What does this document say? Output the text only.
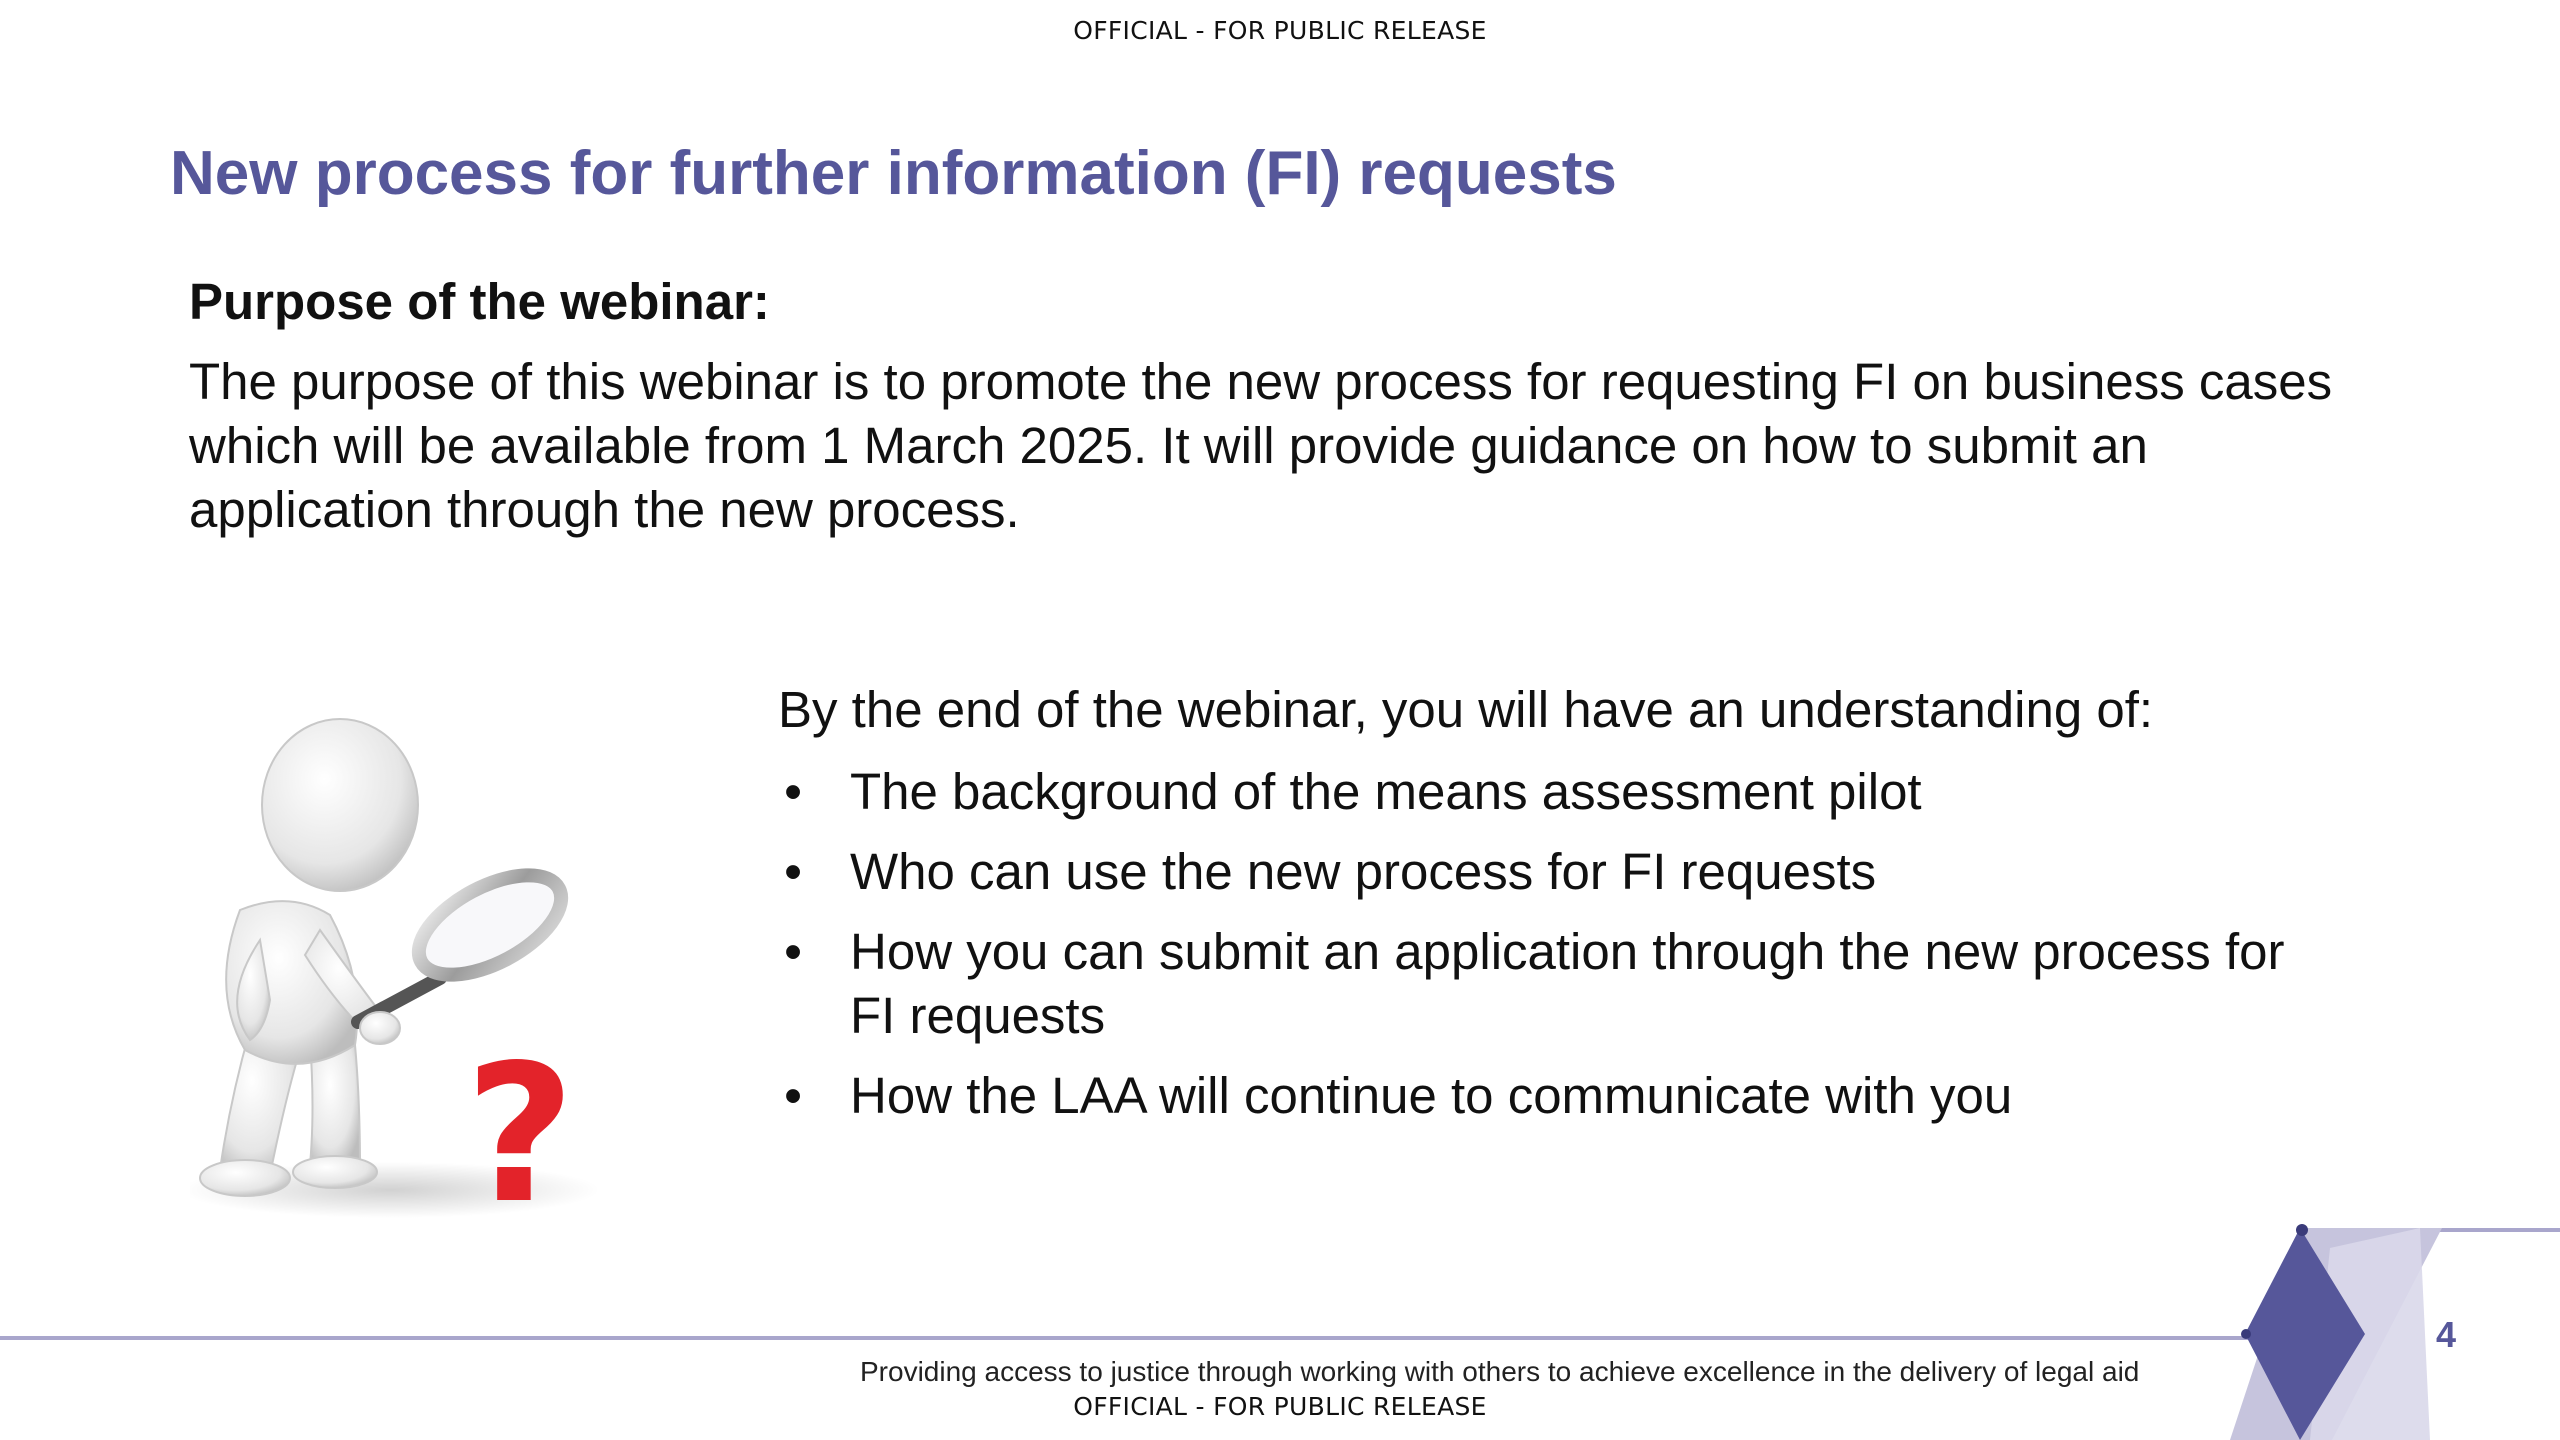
OFFICIAL - FOR PUBLIC RELEASE
New process for further information (FI) requests
Purpose of the webinar:

The purpose of this webinar is to promote the new process for requesting FI on business cases which will be available from 1 March 2025. It will provide guidance on how to submit an application through the new process.

?
By the end of the webinar, you will have an understanding of:
• The background of the means assessment pilot
• Who can use the new process for FI requests
• How you can submit an application through the new process for FI requests
• How the LAA will continue to communicate with you
Providing access to justice through working with others to achieve excellence in the delivery of legal aid
4
OFFICIAL - FOR PUBLIC RELEASE
